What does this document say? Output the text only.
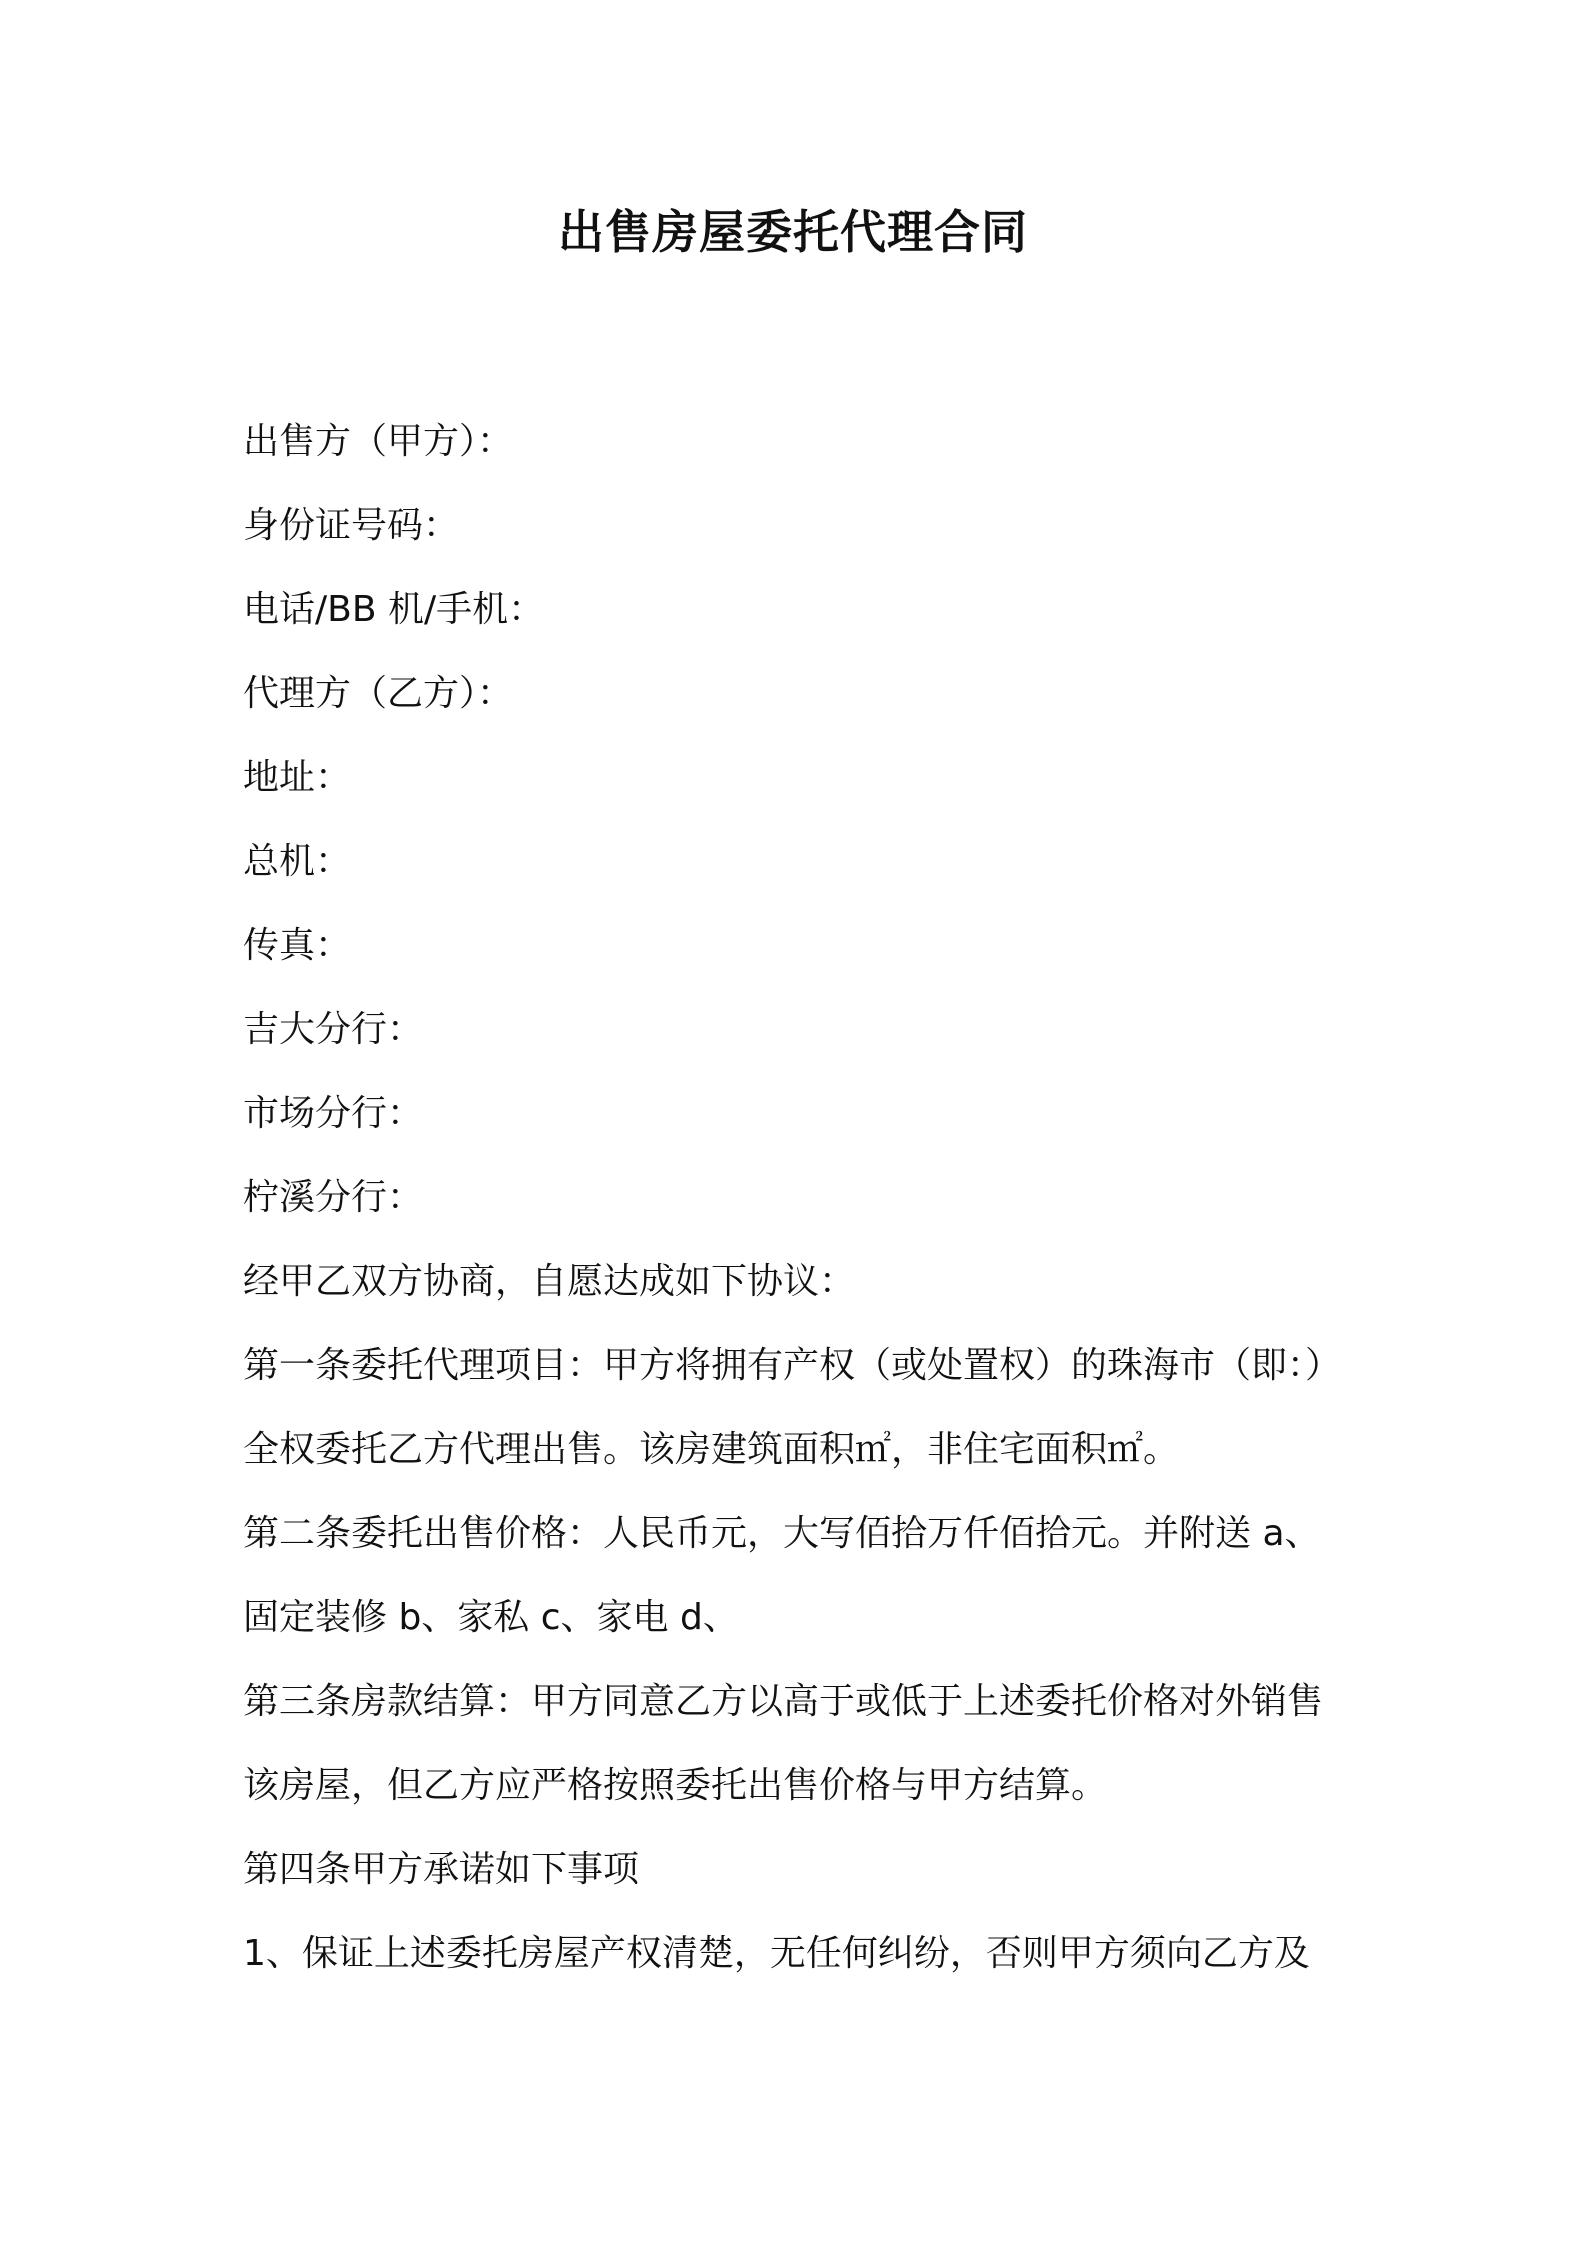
出售房屋委托代理合同

出售方（甲方）：

身份证号码：

电话/BB 机/手机：

代理方（乙方）：

地址：

总机：

传真：

吉大分行：

市场分行：

柠溪分行：

经甲乙双方协商，自愿达成如下协议：

第一条委托代理项目：甲方将拥有产权（或处置权）的珠海市（即：）

全权委托乙方代理出售。该房建筑面积㎡，非住宅面积㎡。

第二条委托出售价格：人民币元，大写佰拾万仟佰拾元。并附送 a、

固定装修 b、家私 c、家电 d、

第三条房款结算：甲方同意乙方以高于或低于上述委托价格对外销售

该房屋，但乙方应严格按照委托出售价格与甲方结算。

第四条甲方承诺如下事项

1、保证上述委托房屋产权清楚，无任何纠纷，否则甲方须向乙方及
